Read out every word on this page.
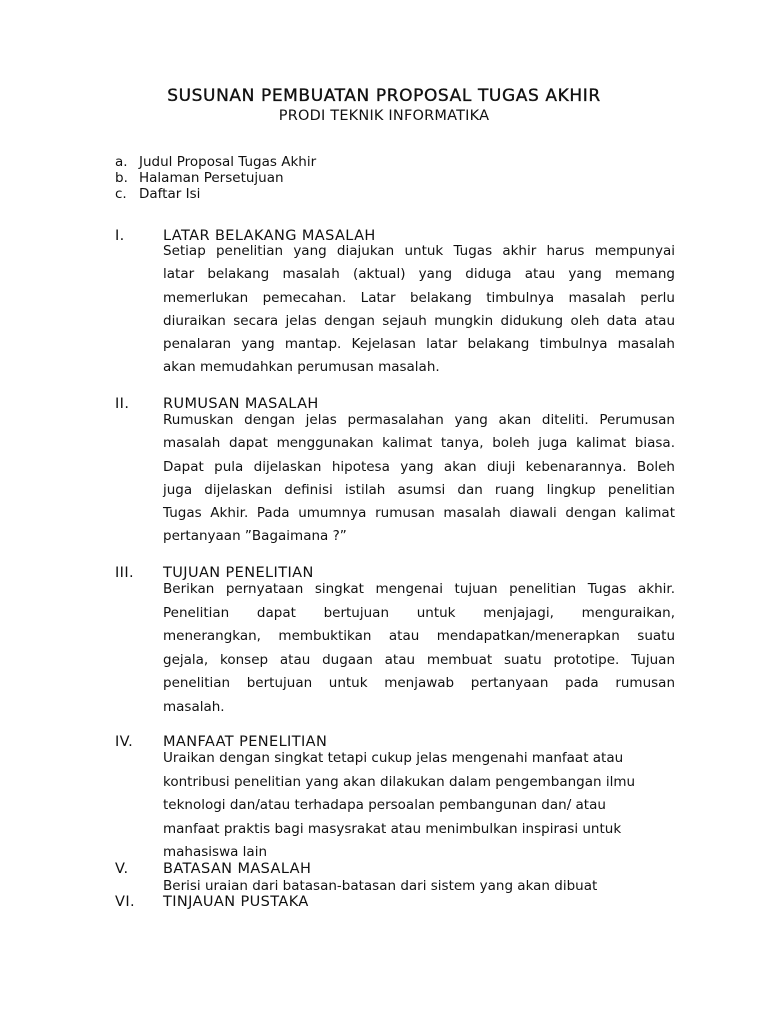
SUSUNAN PEMBUATAN PROPOSAL TUGAS AKHIR
PRODI TEKNIK INFORMATIKA
a. Judul Proposal Tugas Akhir
b. Halaman Persetujuan
c. Daftar Isi
I.	LATAR BELAKANG MASALAH
Setiap penelitian yang diajukan untuk Tugas akhir harus mempunyai
latar belakang masalah (aktual) yang diduga atau yang memang
memerlukan pemecahan. Latar belakang timbulnya masalah perlu
diuraikan secara jelas dengan sejauh mungkin didukung oleh data atau
penalaran yang mantap. Kejelasan latar belakang timbulnya masalah
akan memudahkan perumusan masalah.
II.	RUMUSAN MASALAH
Rumuskan dengan jelas permasalahan yang akan diteliti. Perumusan
masalah dapat menggunakan kalimat tanya, boleh juga kalimat biasa.
Dapat pula dijelaskan hipotesa yang akan diuji kebenarannya. Boleh
juga dijelaskan definisi istilah asumsi dan ruang lingkup penelitian
Tugas Akhir. Pada umumnya rumusan masalah diawali dengan kalimat
pertanyaan ”Bagaimana ?”
III.	TUJUAN PENELITIAN
Berikan pernyataan singkat mengenai tujuan penelitian Tugas akhir.
Penelitian dapat bertujuan untuk menjajagi, menguraikan,
menerangkan, membuktikan atau mendapatkan/menerapkan suatu
gejala, konsep atau dugaan atau membuat suatu prototipe. Tujuan
penelitian bertujuan untuk menjawab pertanyaan pada rumusan
masalah.
IV.	MANFAAT PENELITIAN
Uraikan dengan singkat tetapi cukup jelas mengenahi manfaat atau
kontribusi penelitian yang akan dilakukan dalam pengembangan ilmu
teknologi dan/atau terhadapa persoalan pembangunan dan/ atau
manfaat praktis bagi masysrakat atau menimbulkan inspirasi untuk
mahasiswa lain
V.	BATASAN MASALAH
Berisi uraian dari batasan-batasan dari sistem yang akan dibuat
VI.	TINJAUAN PUSTAKA
